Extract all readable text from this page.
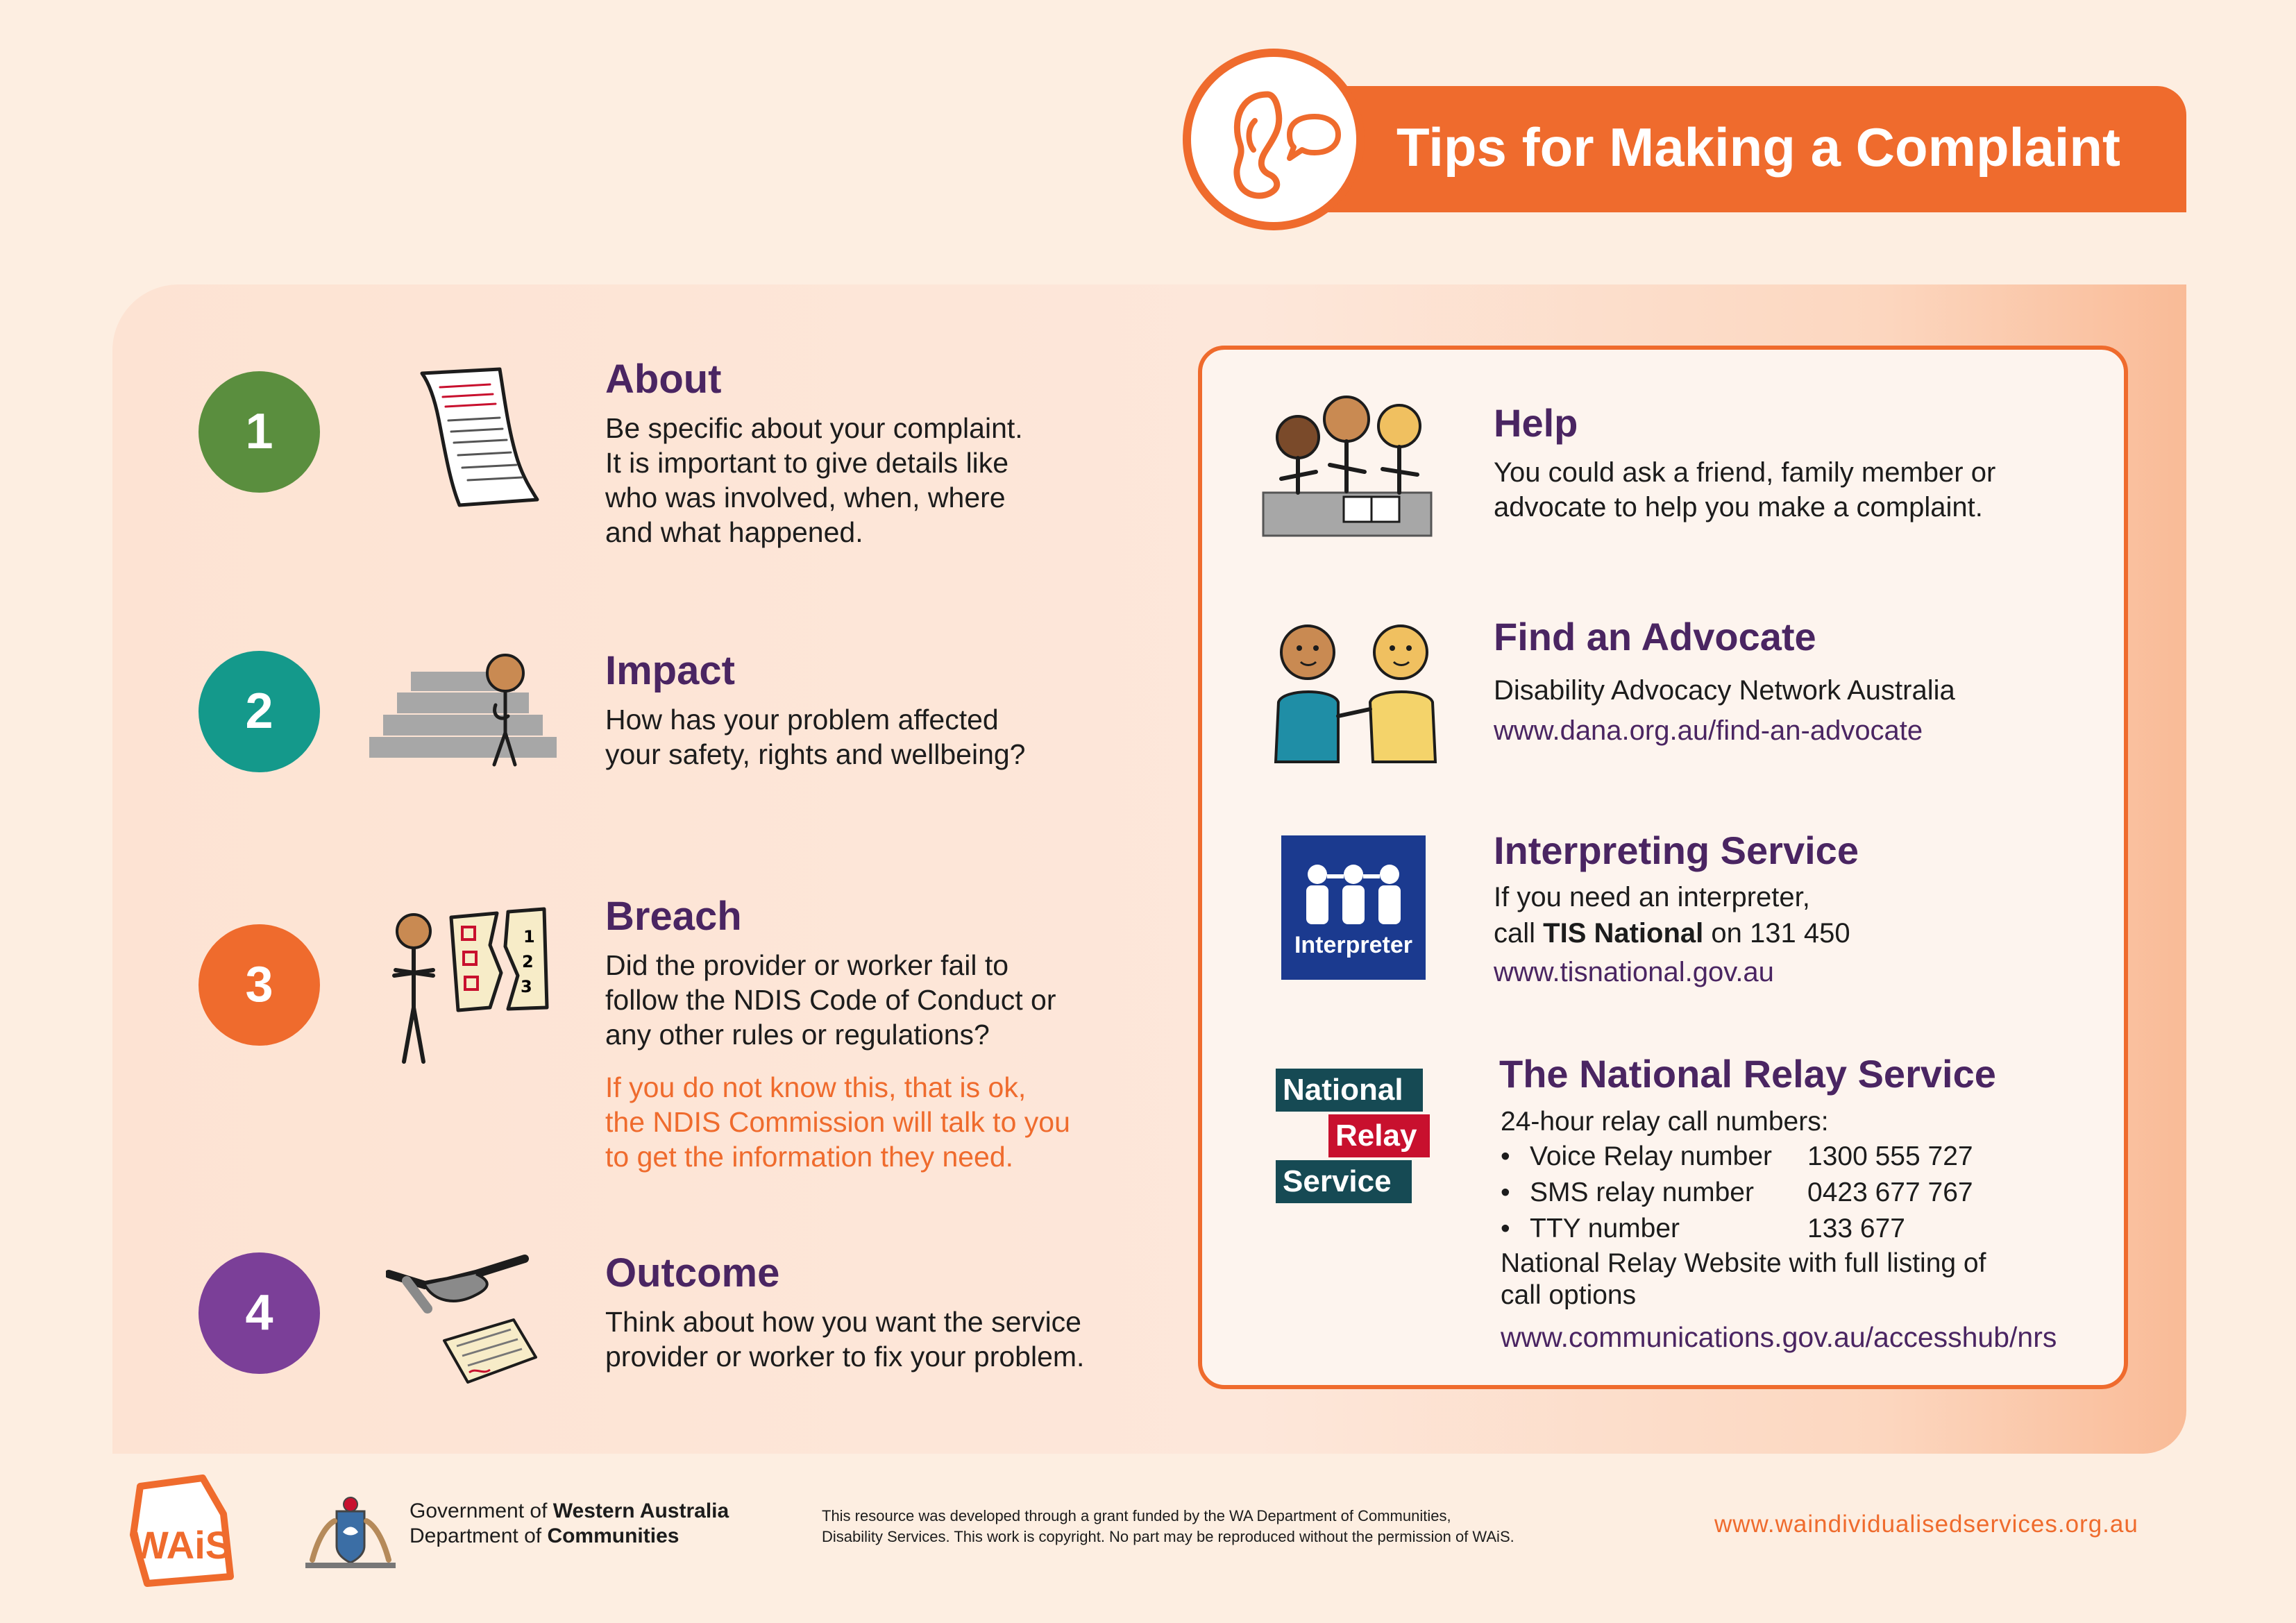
Tips for Making a Complaint
1
About
Be specific about your complaint.
It is important to give details like
who was involved, when, where
and what happened.
2
Impact
How has your problem affected
your safety, rights and wellbeing?
3
1
2
3
Breach
Did the provider or worker fail to
follow the NDIS Code of Conduct or
any other rules or regulations?
If you do not know this, that is ok,
the NDIS Commission will talk to you
to get the information they need.
4
Outcome
Think about how you want the service
provider or worker to fix your problem.
Help
You could ask a friend, family member or
advocate to help you make a complaint.
Find an Advocate
Disability Advocacy Network Australia
www.dana.org.au/find-an-advocate
Interpreter
Interpreting Service
If you need an interpreter,
call TIS National on 131 450
www.tisnational.gov.au
National
Relay
Service
The National Relay Service
24-hour relay call numbers:
• Voice Relay number 1300 555 727
• SMS relay number 0423 677 767
• TTY number	133 677
National Relay Website with full listing of
call options
www.communications.gov.au/accesshub/nrs
WAiS
Government of Western Australia
Department of Communities
This resource was developed through a grant funded by the WA Department of Communities,
Disability Services. This work is copyright. No part may be reproduced without the permission of WAiS.	www.waindividualisedservices.org.au
